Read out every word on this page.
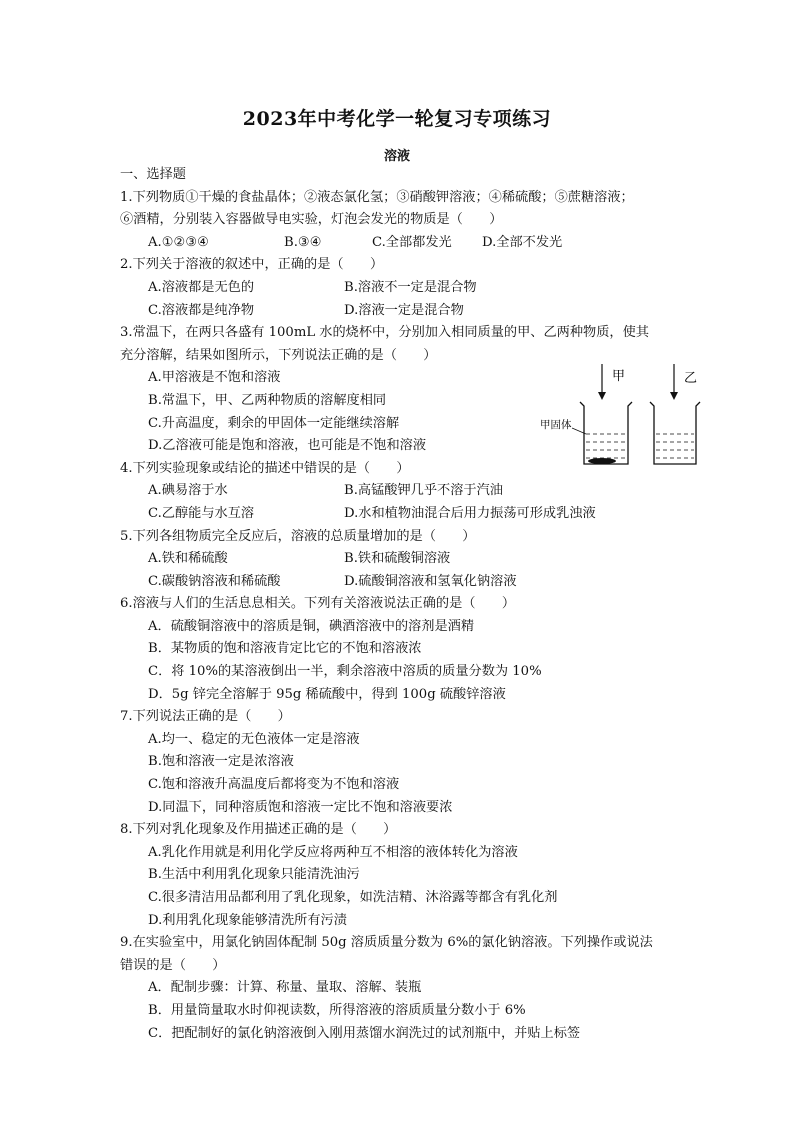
2023年中考化学一轮复习专项练习
溶液
一、选择题
1.下列物质①干燥的食盐晶体；②液态氯化氢；③硝酸钾溶液；④稀硫酸；⑤蔗糖溶液；
⑥酒精，分别装入容器做导电实验，灯泡会发光的物质是（　　）
A.①②③④	B.③④	C.全部都发光	D.全部不发光
2.下列关于溶液的叙述中，正确的是（　　）
A.溶液都是无色的	B.溶液不一定是混合物
C.溶液都是纯净物	D.溶液一定是混合物
3.常温下，在两只各盛有 100mL 水的烧杯中，分别加入相同质量的甲、乙两种物质，使其
充分溶解，结果如图所示，下列说法正确的是（　　）
A.甲溶液是不饱和溶液
B.常温下，甲、乙两种物质的溶解度相同
C.升高温度，剩余的甲固体一定能继续溶解
D.乙溶液可能是饱和溶液，也可能是不饱和溶液
4.下列实验现象或结论的描述中错误的是（　　）
A.碘易溶于水	B.高锰酸钾几乎不溶于汽油
C.乙醇能与水互溶	D.水和植物油混合后用力振荡可形成乳浊液
5.下列各组物质完全反应后，溶液的总质量增加的是（　　）
A.铁和稀硫酸	B.铁和硫酸铜溶液
C.碳酸钠溶液和稀硫酸	D.硫酸铜溶液和氢氧化钠溶液
6.溶液与人们的生活息息相关。下列有关溶液说法正确的是（　　）
A．硫酸铜溶液中的溶质是铜，碘酒溶液中的溶剂是酒精
B．某物质的饱和溶液肯定比它的不饱和溶液浓
C．将 10%的某溶液倒出一半，剩余溶液中溶质的质量分数为 10%
D．5g 锌完全溶解于 95g 稀硫酸中，得到 100g 硫酸锌溶液
7.下列说法正确的是（　　）
A.均一、稳定的无色液体一定是溶液
B.饱和溶液一定是浓溶液
C.饱和溶液升高温度后都将变为不饱和溶液
D.同温下，同种溶质饱和溶液一定比不饱和溶液要浓
8.下列对乳化现象及作用描述正确的是（　　）
A.乳化作用就是利用化学反应将两种互不相溶的液体转化为溶液
B.生活中利用乳化现象只能清洗油污
C.很多清洁用品都利用了乳化现象，如洗洁精、沐浴露等都含有乳化剂
D.利用乳化现象能够清洗所有污渍
9.在实验室中，用氯化钠固体配制 50g 溶质质量分数为 6%的氯化钠溶液。下列操作或说法
错误的是（　　）
A．配制步骤：计算、称量、量取、溶解、装瓶
B．用量筒量取水时仰视读数，所得溶液的溶质质量分数小于 6%
C．把配制好的氯化钠溶液倒入刚用蒸馏水润洗过的试剂瓶中，并贴上标签
甲	乙
甲固体
